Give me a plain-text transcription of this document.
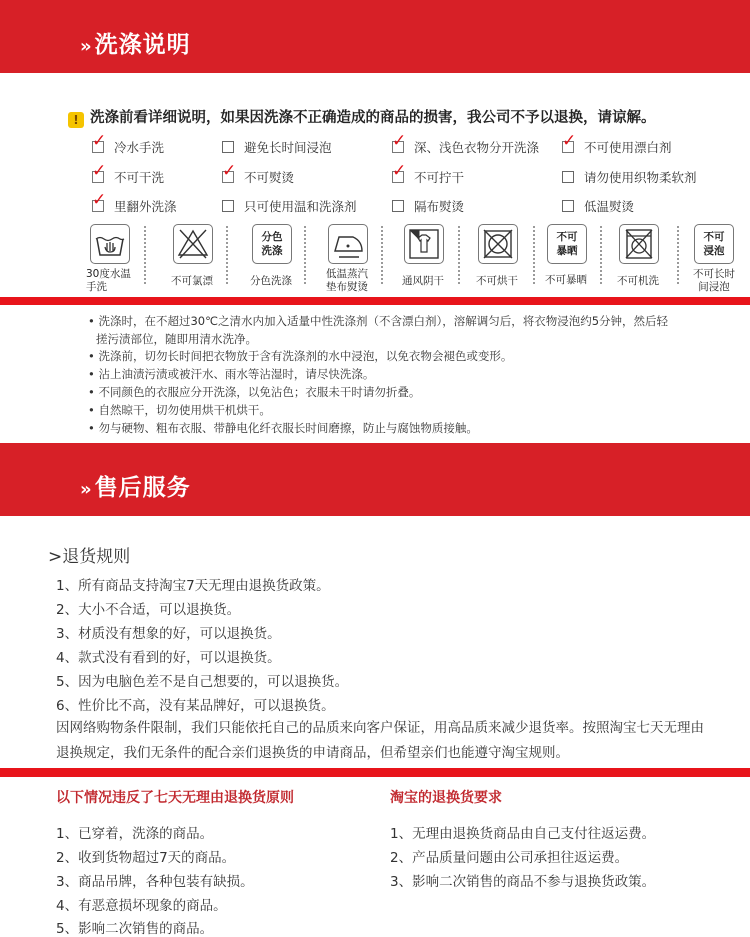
»洗涤说明
! 洗涤前看详细说明，如果因洗涤不正确造成的商品的损害，我公司不予以退换，请谅解。
✓冷水手洗	避免长时间浸泡 ✓	深、浅色衣物分开洗涤 ✓	不可使用漂白剂
✓不可干洗 ✓	不可熨烫 ✓	不可拧干	请勿使用织物柔软剂
✓里翻外洗涤	只可使用温和洗涤剂	隔布熨烫	低温熨烫
分色
洗涤
不可
暴晒
不可
浸泡
30度水温
手洗	不可氯漂	分色洗涤
低温蒸汽
垫布熨烫	通风阴干	不可烘干	不可暴晒	不可机洗
不可长时
间浸泡
• 洗涤时，在不超过30℃之清水内加入适量中性洗涤剂（不含漂白剂），溶解调匀后，将衣物浸泡约5分钟，然后轻
搓污渍部位，随即用清水洗净。
• 洗涤前，切勿长时间把衣物放于含有洗涤剂的水中浸泡，以免衣物会褪色或变形。
• 沾上油渍污渍或被汗水、雨水等沾湿时，请尽快洗涤。
• 不同颜色的衣服应分开洗涤，以免沾色；衣服未干时请勿折叠。
• 自然晾干，切勿使用烘干机烘干。
• 勿与硬物、粗布衣服、带静电化纤衣服长时间磨擦，防止与腐蚀物质接触。
»售后服务
>退货规则
1、所有商品支持淘宝7天无理由退换货政策。
2、大小不合适，可以退换货。
3、材质没有想象的好，可以退换货。
4、款式没有看到的好，可以退换货。
5、因为电脑色差不是自己想要的，可以退换货。
6、性价比不高，没有某品牌好，可以退换货。
因网络购物条件限制，我们只能依托自己的品质来向客户保证，用高品质来减少退货率。按照淘宝七天无理由退换规定，我们无条件的配合亲们退换货的申请商品，但希望亲们也能遵守淘宝规则。
以下情况违反了七天无理由退换货原则	淘宝的退换货要求
1、已穿着，洗涤的商品。
2、收到货物超过7天的商品。
3、商品吊牌，各种包装有缺损。
4、有恶意损坏现象的商品。
5、影响二次销售的商品。
1、无理由退换货商品由自己支付往返运费。
2、产品质量问题由公司承担往返运费。
3、影响二次销售的商品不参与退换货政策。
